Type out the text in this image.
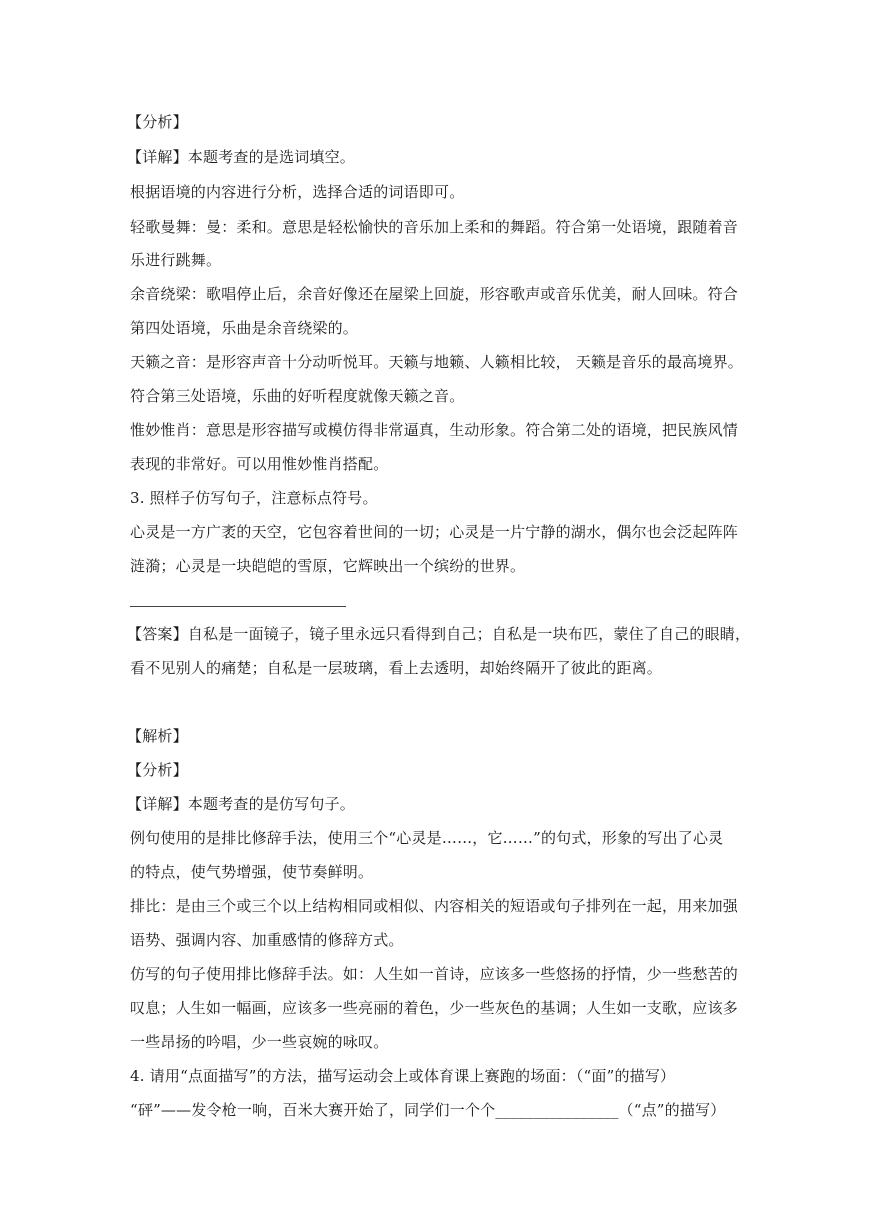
【分析】
【详解】本题考查的是选词填空。
根据语境的内容进行分析，选择合适的词语即可。
轻歌曼舞：曼：柔和。意思是轻松愉快的音乐加上柔和的舞蹈。符合第一处语境，跟随着音
乐进行跳舞。
余音绕梁：歌唱停止后，余音好像还在屋梁上回旋，形容歌声或音乐优美，耐人回味。符合
第四处语境，乐曲是余音绕梁的。
天籁之音：是形容声音十分动听悦耳。天籁与地籁、人籁相比较， 天籁是音乐的最高境界。
符合第三处语境，乐曲的好听程度就像天籁之音。
惟妙惟肖：意思是形容描写或模仿得非常逼真，生动形象。符合第二处的语境，把民族风情
表现的非常好。可以用惟妙惟肖搭配。
3. 照样子仿写句子，注意标点符号。
心灵是一方广袤的天空，它包容着世间的一切；心灵是一片宁静的湖水，偶尔也会泛起阵阵
涟漪；心灵是一块皑皑的雪原，它辉映出一个缤纷的世界。
【答案】自私是一面镜子，镜子里永远只看得到自己；自私是一块布匹，蒙住了自己的眼睛，
看不见别人的痛楚；自私是一层玻璃，看上去透明，却始终隔开了彼此的距离。
【解析】
【分析】
【详解】本题考查的是仿写句子。
例句使用的是排比修辞手法，使用三个“心灵是……，它……”的句式，形象的写出了心灵
的特点，使气势增强，使节奏鲜明。
排比：是由三个或三个以上结构相同或相似、内容相关的短语或句子排列在一起，用来加强
语势、强调内容、加重感情的修辞方式。
仿写的句子使用排比修辞手法。如：人生如一首诗，应该多一些悠扬的抒情，少一些愁苦的
叹息；人生如一幅画，应该多一些亮丽的着色，少一些灰色的基调；人生如一支歌，应该多
一些昂扬的吟唱，少一些哀婉的咏叹。
4. 请用“点面描写”的方法，描写运动会上或体育课上赛跑的场面：（“面”的描写）
“砰”——发令枪一响，百米大赛开始了，同学们一个个________________（“点”的描写）
